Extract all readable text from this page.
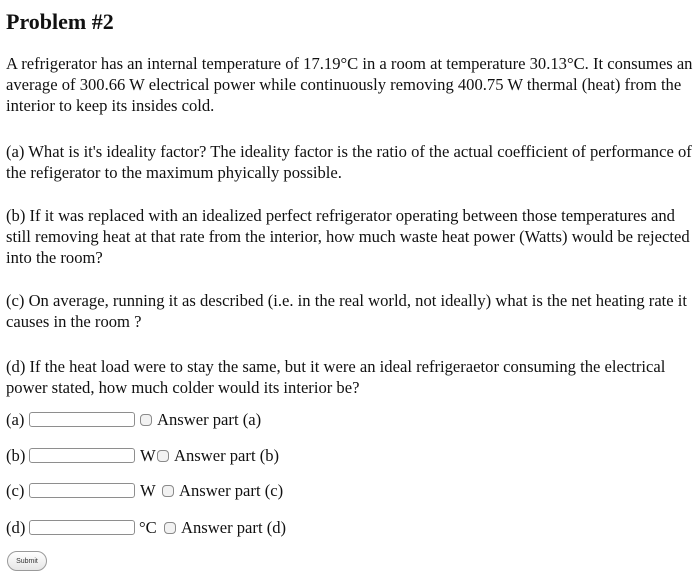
Problem #2

A refrigerator has an internal temperature of 17.19°C in a room at temperature 30.13°C. It consumes an average of 300.66 W electrical power while continuously removing 400.75 W thermal (heat) from the interior to keep its insides cold.

(a) What is it's ideality factor? The ideality factor is the ratio of the actual coefficient of performance of the refigerator to the maximum phyically possible.

(b) If it was replaced with an idealized perfect refrigerator operating between those temperatures and still removing heat at that rate from the interior, how much waste heat power (Watts) would be rejected into the room?

(c) On average, running it as described (i.e. in the real world, not ideally) what is the net heating rate it causes in the room ?

(d) If the heat load were to stay the same, but it were an ideal refrigeraetor consuming the electrical power stated, how much colder would its interior be?

(a)	Answer part (a)
(b)	W	Answer part (b)
(c)	W	Answer part (c)
(d)	°C	Answer part (d)
Submit
